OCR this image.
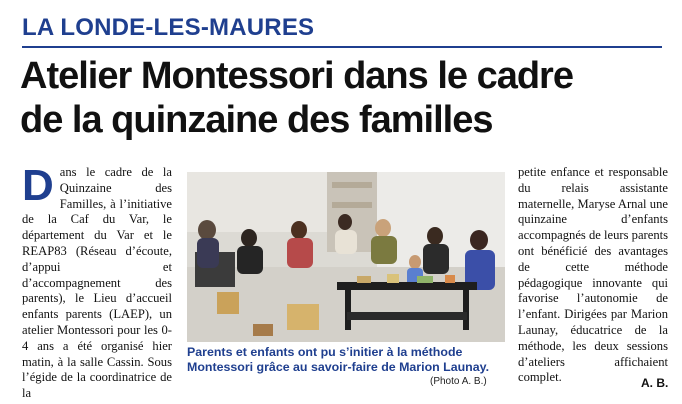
LA LONDE-LES-MAURES
Atelier Montessori dans le cadre
de la quinzaine des familles
D ans le cadre de la Quinzaine des Familles, à l’initiative de la Caf du Var, le département du Var et le REAP83 (Réseau d’écoute, d’appui et d’accompagnement des parents), le Lieu d’accueil enfants parents (LAEP), un atelier Montessori pour les 0- 4 ans a été organisé hier matin, à la salle Cassin. Sous l’égide de la coordinatrice de la

Parents et enfants ont pu s’initier à la méthode
Montessori grâce au savoir-faire de Marion Launay.
(Photo A. B.)

petite enfance et responsable du relais assistante maternelle, Maryse Arnal une quinzaine d’enfants accompagnés de leurs parents ont bénéficié des avantages de cette méthode pédagogique innovante qui favorise l’autonomie de l’enfant. Dirigées par Marion Launay, éducatrice de la méthode, les deux sessions d’ateliers affichaient complet.	A. B.
